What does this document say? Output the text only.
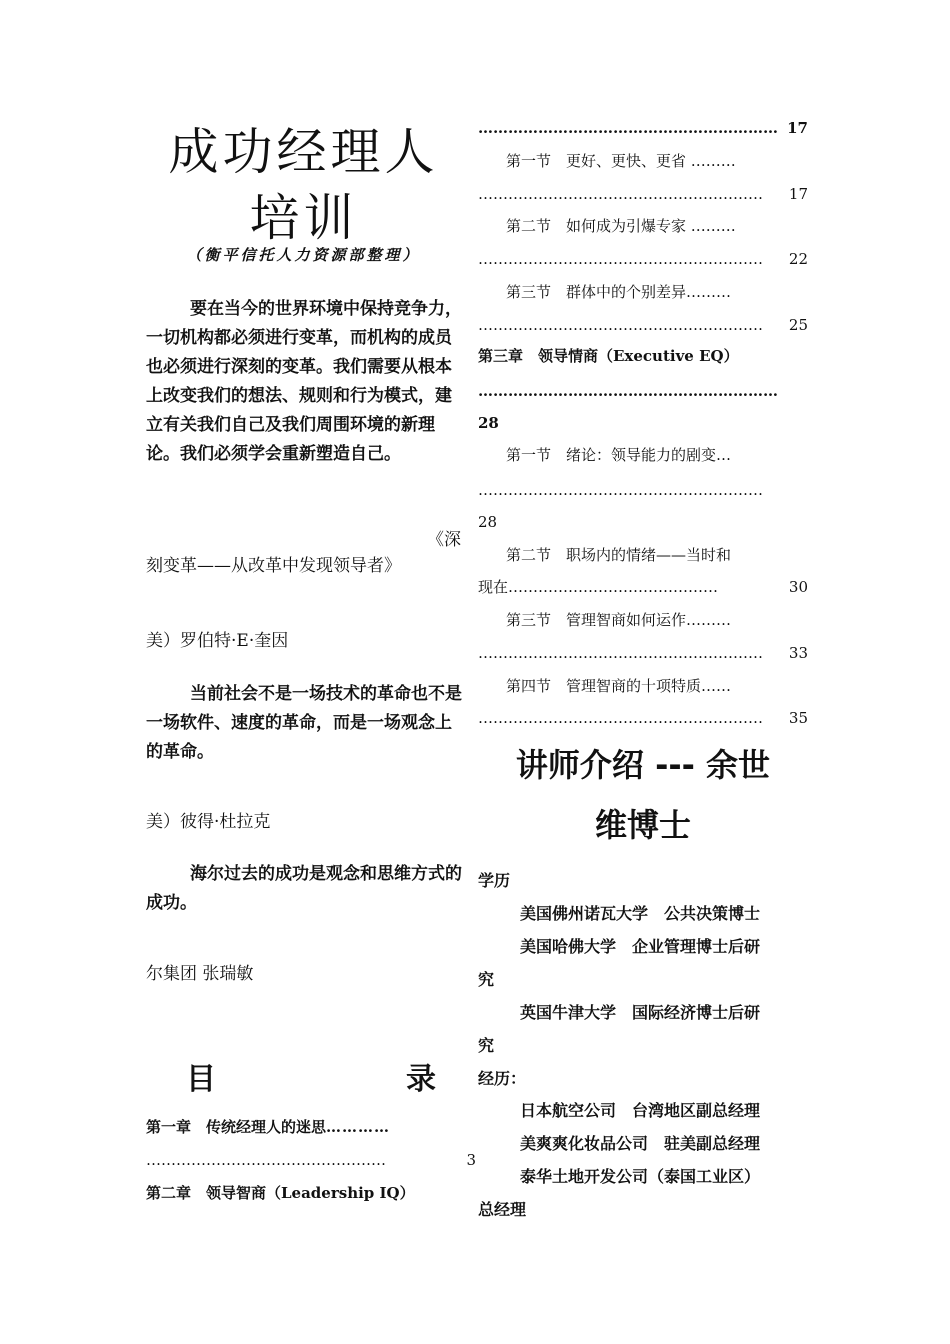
成功经理人
培训
（衡平信托人力资源部整理）
要在当今的世界环境中保持竞争力，一切机构都必须进行变革，而机构的成员也必须进行深刻的变革。我们需要从根本上改变我们的想法、规则和行为模式，建立有关我们自己及我们周围环境的新理论。我们必须学会重新塑造自己。
《深
刻变革——从改革中发现领导者》
美）罗伯特·E·奎因
当前社会不是一场技术的革命也不是一场软件、速度的革命，而是一场观念上的革命。
美）彼得·杜拉克
海尔过去的成功是观念和思维方式的成功。
尔集团 张瑞敏
目	录
第一章　传统经理人的迷思…………
…………………………………………	3
第二章　领导智商（Leadership IQ）
…………………………………………………… 17
第一节　更好、更快、更省 ………
………………………………………………… 17
第二节　如何成为引爆专家 ………
………………………………………………… 22
第三节　群体中的个别差异………
………………………………………………… 25
第三章　领导情商（Executive EQ）
……………………………………………………
28
第一节　绪论：领导能力的剧变…
…………………………………………………
28
第二节　职场内的情绪——当时和
现在……………………………………	30
第三节　管理智商如何运作………
………………………………………………… 33
第四节　管理智商的十项特质……
………………………………………………… 35
讲师介绍 --- 余世
维博士
学历
美国佛州诺瓦大学　公共决策博士
美国哈佛大学　企业管理博士后研
究
英国牛津大学　国际经济博士后研
究
经历：
日本航空公司　台湾地区副总经理
美爽爽化妆品公司　驻美副总经理
泰华土地开发公司（泰国工业区）
总经理
